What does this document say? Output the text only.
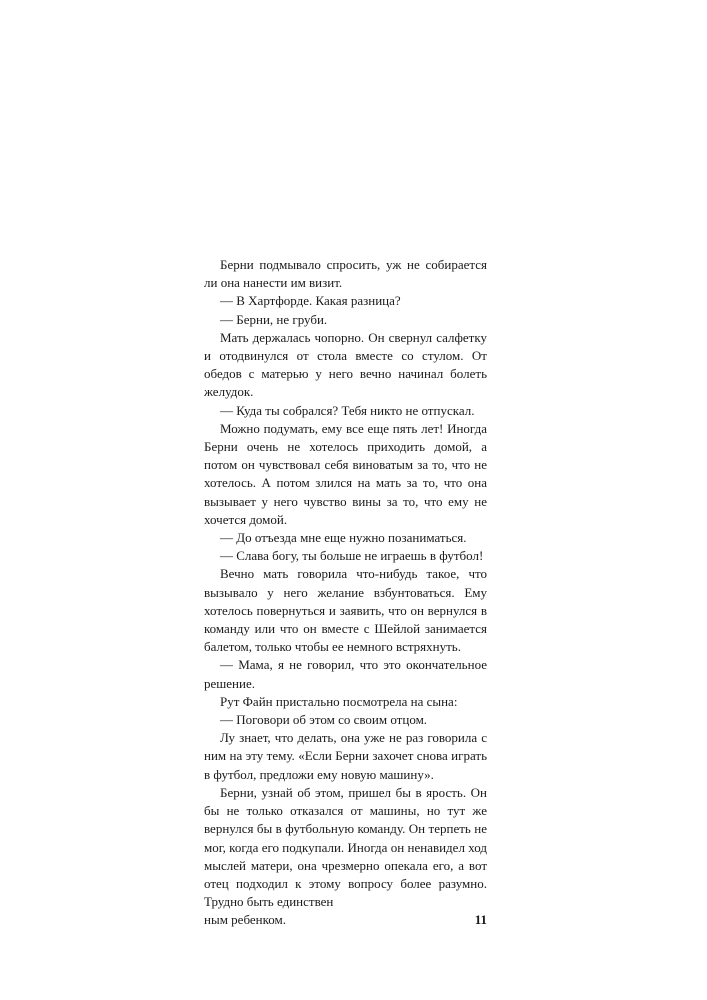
Берни подмывало спросить, уж не собирается ли она нанести им визит.

— В Хартфорде. Какая разница?

— Берни, не груби.

Мать держалась чопорно. Он свернул салфетку и отодвинулся от стола вместе со стулом. От обедов с матерью у него вечно начинал болеть желудок.

— Куда ты собрался? Тебя никто не отпускал.

Можно подумать, ему все еще пять лет! Иногда Берни очень не хотелось приходить домой, а потом он чувствовал себя виноватым за то, что не хотелось. А потом злился на мать за то, что она вызывает у него чувство вины за то, что ему не хочется домой.

— До отъезда мне еще нужно позаниматься.

— Слава богу, ты больше не играешь в футбол!

Вечно мать говорила что-нибудь такое, что вызывало у него желание взбунтоваться. Ему хотелось повернуться и заявить, что он вернулся в команду или что он вместе с Шейлой занимается балетом, только чтобы ее немного встряхнуть.

— Мама, я не говорил, что это окончательное решение.

Рут Файн пристально посмотрела на сына:

— Поговори об этом со своим отцом.

Лу знает, что делать, она уже не раз говорила с ним на эту тему. «Если Берни захочет снова играть в футбол, предложи ему новую машину».

Берни, узнай об этом, пришел бы в ярость. Он бы не только отказался от машины, но тут же вернулся бы в футбольную команду. Он терпеть не мог, когда его подкупали. Иногда он ненавидел ход мыслей матери, она чрезмерно опекала его, а вот отец подходил к этому вопросу более разумно. Трудно быть единствен

ным ребенком.	11
